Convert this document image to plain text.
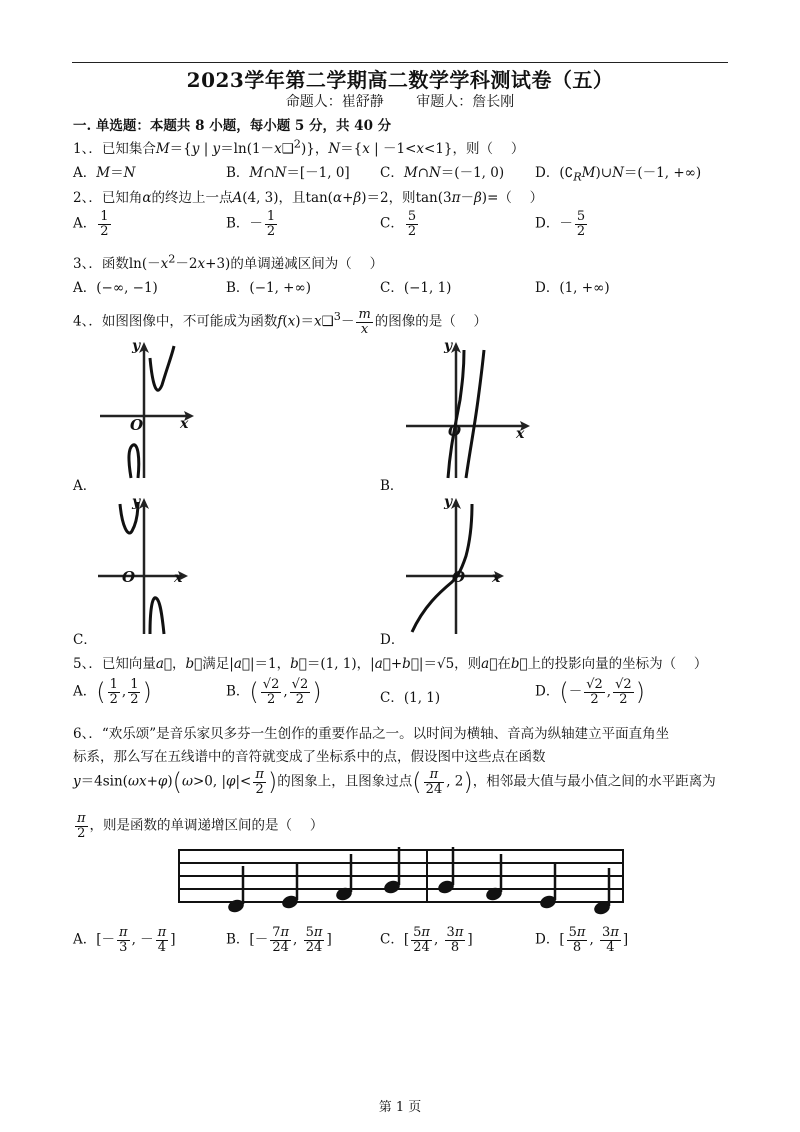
2023学年第二学期高二数学学科测试卷（五）
命题人：崔舒静 审题人：詹长刚
一. 单选题：本题共 8 小题，每小题 5 分，共 40 分
1、．已知集合M＝{y | y＝ln(1－x❑$^2$)}，N＝{x | －1<x<1}，则（　 ）
A．M＝N	B．M∩N＝[－1, 0] C．M∩N＝(－1, 0) D．$(∁_RM)\cup N=(-1$, +∞)
2、．已知角α的终边上一点A(4, 3)，且tan(α+β)＝2，则tan(3π－β)=（　 ）
A． $\frac{1}{2}$	B．－ $\frac{1}{2}$	C． $\frac{5}{2}$	D．－ $\frac{5}{2}$
3、．函数$\ln(-x^2-2x+3)$的单调递减区间为（　 ）
A．(−∞, −1)	B．(−1, +∞)	C．(−1, 1)	D．(1, +∞)
4、．如图图像中，不可能成为函数f(x)＝x❑$^3$－ $\frac{m}{x}$ 的图像的是（　 ）
y
x
O
A．
y
x
O
B．
y
x
O
C．
y
x
O
D．
5、．已知向量a⃗，b⃗满足|a⃗|＝1，b⃗＝(1, 1)，|a⃗+b⃗|＝√5，则a⃗在b⃗上的投影向量的坐标为（　 ）
A．( $\frac{1}{2}$ , $\frac{1}{2}$ )	B．( $\frac{√2}{2}$ , $\frac{√2}{2}$ )	C．(1, 1)	D．(－ $\frac{√2}{2}$ , $\frac{√2}{2}$ )
6、．“欢乐颂”是音乐家贝多芬一生创作的重要作品之一。以时间为横轴、音高为纵轴建立平面直角坐
标系，那么写在五线谱中的音符就变成了坐标系中的点，假设图中这些点在函数
y＝4sin(ωx+φ)(ω>0, $|\varphi|< \frac{\pi}{2}$ )的图象上，且图象过点( $\frac{\pi}{24}$ , 2)，相邻最大值与最小值之间的水平距离为
$\frac{\pi}{2}$ ，则是函数的单调递增区间的是（　 ）
A．[－ $\frac{\pi}{3}$ , － $\frac{\pi}{4}$ ]	B．[－ $\frac{7\pi}{24}$ , $\frac{5\pi}{24}$ ]	C．[ $\frac{5\pi}{24}$ , $\frac{3\pi}{8}$ ]	D．[ $\frac{5\pi}{8}$ , $\frac{3\pi}{4}$ ]
第 1 页
